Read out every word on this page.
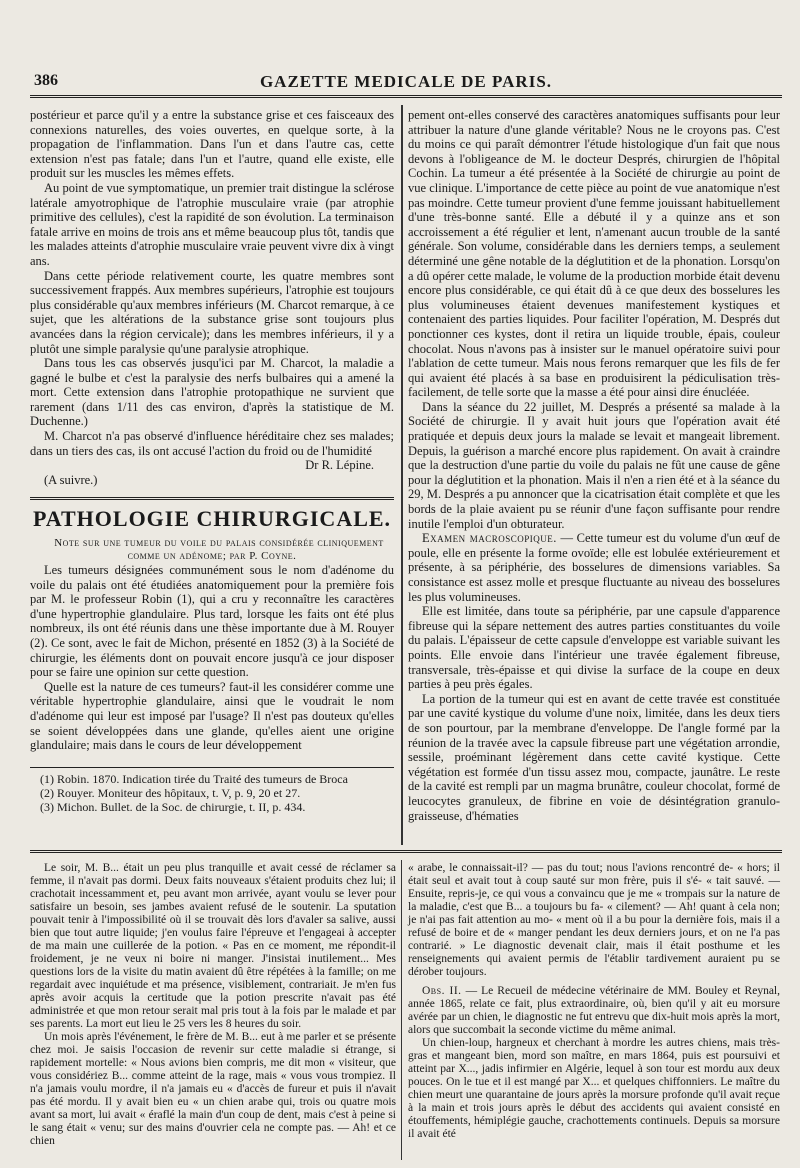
386	GAZETTE MEDICALE DE PARIS.

postérieur et parce qu'il y a entre la substance grise et ces faisceaux des connexions naturelles, des voies ouvertes, en quelque sorte, à la propagation de l'inflammation. Dans l'un et dans l'autre cas, cette extension n'est pas fatale; dans l'un et l'autre, quand elle existe, elle produit sur les muscles les mêmes effets.

Au point de vue symptomatique, un premier trait distingue la sclérose latérale amyotrophique de l'atrophie musculaire vraie (par atrophie primitive des cellules), c'est la rapidité de son évolution. La terminaison fatale arrive en moins de trois ans et même beaucoup plus tôt, tandis que les malades atteints d'atrophie musculaire vraie peuvent vivre dix à vingt ans.

Dans cette période relativement courte, les quatre membres sont successivement frappés. Aux membres supérieurs, l'atrophie est toujours plus considérable qu'aux membres inférieurs (M. Charcot remarque, à ce sujet, que les altérations de la substance grise sont toujours plus avancées dans la région cervicale); dans les membres inférieurs, il y a plutôt une simple paralysie qu'une paralysie atrophique.

Dans tous les cas observés jusqu'ici par M. Charcot, la maladie a gagné le bulbe et c'est la paralysie des nerfs bulbaires qui a amené la mort. Cette extension dans l'atrophie protopathique ne survient que rarement (dans 1/11 des cas environ, d'après la statistique de M. Duchenne.)

M. Charcot n'a pas observé d'influence héréditaire chez ses malades; dans un tiers des cas, ils ont accusé l'action du froid ou de l'humidité

Dr R. Lépine.

(A suivre.)

PATHOLOGIE CHIRURGICALE.

Note sur une tumeur du voile du palais considérée cliniquement comme un adénome; par P. Coyne.

Les tumeurs désignées communément sous le nom d'adénome du voile du palais ont été étudiées anatomiquement pour la première fois par M. le professeur Robin (1), qui a cru y reconnaître les caractères d'une hypertrophie glandulaire. Plus tard, lorsque les faits ont été plus nombreux, ils ont été réunis dans une thèse importante due à M. Rouyer (2). Ce sont, avec le fait de Michon, présenté en 1852 (3) à la Société de chirurgie, les éléments dont on pouvait encore jusqu'à ce jour disposer pour se faire une opinion sur cette question.

Quelle est la nature de ces tumeurs? faut-il les considérer comme une véritable hypertrophie glandulaire, ainsi que le voudrait le nom d'adénome qui leur est imposé par l'usage? Il n'est pas douteux qu'elles se soient développées dans une glande, qu'elles aient une origine glandulaire; mais dans le cours de leur développement

(1) Robin. 1870. Indication tirée du Traité des tumeurs de Broca
(2) Rouyer. Moniteur des hôpitaux, t. V, p. 9, 20 et 27.
(3) Michon. Bullet. de la Soc. de chirurgie, t. II, p. 434.

pement ont-elles conservé des caractères anatomiques suffisants pour leur attribuer la nature d'une glande véritable? Nous ne le croyons pas. C'est du moins ce qui paraît démontrer l'étude histologique d'un fait que nous devons à l'obligeance de M. le docteur Després, chirurgien de l'hôpital Cochin. La tumeur a été présentée à la Société de chirurgie au point de vue clinique. L'importance de cette pièce au point de vue anatomique n'est pas moindre. Cette tumeur provient d'une femme jouissant habituellement d'une très-bonne santé. Elle a débuté il y a quinze ans et son accroissement a été régulier et lent, n'amenant aucun trouble de la santé générale. Son volume, considérable dans les derniers temps, a seulement déterminé une gêne notable de la déglutition et de la phonation. Lorsqu'on a dû opérer cette malade, le volume de la production morbide était devenu encore plus considérable, ce qui était dû à ce que deux des bosselures les plus volumineuses étaient devenues manifestement kystiques et contenaient des parties liquides. Pour faciliter l'opération, M. Després dut ponctionner ces kystes, dont il retira un liquide trouble, épais, couleur chocolat. Nous n'avons pas à insister sur le manuel opératoire suivi pour l'ablation de cette tumeur. Mais nous ferons remarquer que les fils de fer qui avaient été placés à sa base en produisirent la pédiculisation très-facilement, de telle sorte que la masse a été pour ainsi dire énucléée.

Dans la séance du 22 juillet, M. Després a présenté sa malade à la Société de chirurgie. Il y avait huit jours que l'opération avait été pratiquée et depuis deux jours la malade se levait et mangeait librement. Depuis, la guérison a marché encore plus rapidement. On avait à craindre que la destruction d'une partie du voile du palais ne fût une cause de gêne pour la déglutition et la phonation. Mais il n'en a rien été et à la séance du 29, M. Després a pu annoncer que la cicatrisation était complète et que les bords de la plaie avaient pu se réunir d'une façon suffisante pour rendre inutile l'emploi d'un obturateur.

Examen macroscopique. — Cette tumeur est du volume d'un œuf de poule, elle en présente la forme ovoïde; elle est lobulée extérieurement et présente, à sa périphérie, des bosselures de dimensions variables. Sa consistance est assez molle et presque fluctuante au niveau des bosselures les plus volumineuses.

Elle est limitée, dans toute sa périphérie, par une capsule d'apparence fibreuse qui la sépare nettement des autres parties constituantes du voile du palais. L'épaisseur de cette capsule d'enveloppe est variable suivant les points. Elle envoie dans l'intérieur une travée également fibreuse, transversale, très-épaisse et qui divise la surface de la coupe en deux parties à peu près égales.

La portion de la tumeur qui est en avant de cette travée est constituée par une cavité kystique du volume d'une noix, limitée, dans les deux tiers de son pourtour, par la membrane d'enveloppe. De l'angle formé par la réunion de la travée avec la capsule fibreuse part une végétation arrondie, sessile, proéminant légèrement dans cette cavité kystique. Cette végétation est formée d'un tissu assez mou, compacte, jaunâtre. Le reste de la cavité est rempli par un magma brunâtre, couleur chocolat, formé de leucocytes granuleux, de fibrine en voie de désintégration granulo-graisseuse, d'hématies

Le soir, M. B... était un peu plus tranquille et avait cessé de réclamer sa femme, il n'avait pas dormi. Deux faits nouveaux s'étaient produits chez lui; il crachotait incessamment et, peu avant mon arrivée, ayant voulu se lever pour satisfaire un besoin, ses jambes avaient refusé de le soutenir. La sputation pouvait tenir à l'impossibilité où il se trouvait dès lors d'avaler sa salive, aussi bien que tout autre liquide; j'en voulus faire l'épreuve et l'engageai à accepter de ma main une cuillerée de la potion. « Pas en ce moment, me répondit-il froidement, je ne veux ni boire ni manger. J'insistai inutilement... Mes questions lors de la visite du matin avaient dû être répétées à la famille; on me regardait avec inquiétude et ma présence, visiblement, contrariait. Je m'en fus après avoir acquis la certitude que la potion prescrite n'avait pas été administrée et que mon retour serait mal pris tout à la fois par le malade et par ses parents. La mort eut lieu le 25 vers les 8 heures du soir.

Un mois après l'événement, le frère de M. B... eut à me parler et se présente chez moi. Je saisis l'occasion de revenir sur cette maladie si étrange, si rapidement mortelle: « Nous avions bien compris, me dit mon « visiteur, que vous considériez B... comme atteint de la rage, mais « vous vous trompiez. Il n'a jamais voulu mordre, il n'a jamais eu « d'accès de fureur et puis il n'avait pas été mordu. Il y avait bien eu « un chien arabe qui, trois ou quatre mois avant sa mort, lui avait « éraflé la main d'un coup de dent, mais c'est à peine si le sang était « venu; sur des mains d'ouvrier cela ne compte pas. — Ah! et ce chien

« arabe, le connaissait-il? — pas du tout; nous l'avions rencontré de- « hors; il était seul et avait tout à coup sauté sur mon frère, puis il s'é- « tait sauvé. — Ensuite, repris-je, ce qui vous a convaincu que je me « trompais sur la nature de la maladie, c'est que B... a toujours bu fa- « cilement? — Ah! quant à cela non; je n'ai pas fait attention au mo- « ment où il a bu pour la dernière fois, mais il a refusé de boire et de « manger pendant les deux derniers jours, et on ne l'a pas contrarié. » Le diagnostic devenait clair, mais il était posthume et les renseignements qui avaient permis de l'établir tardivement auraient pu se dérober toujours.

Obs. II. — Le Recueil de médecine vétérinaire de MM. Bouley et Reynal, année 1865, relate ce fait, plus extraordinaire, où, bien qu'il y ait eu morsure avérée par un chien, le diagnostic ne fut entrevu que dix-huit mois après la mort, alors que succombait la seconde victime du même animal.

Un chien-loup, hargneux et cherchant à mordre les autres chiens, mais très-gras et mangeant bien, mord son maître, en mars 1864, puis est poursuivi et atteint par X..., jadis infirmier en Algérie, lequel à son tour est mordu aux deux pouces. On le tue et il est mangé par X... et quelques chiffonniers. Le maître du chien meurt une quarantaine de jours après la morsure profonde qu'il avait reçue à la main et trois jours après le début des accidents qui avaient consisté en étouffements, hémiplégie gauche, crachottements continuels. Depuis sa morsure il avait été
